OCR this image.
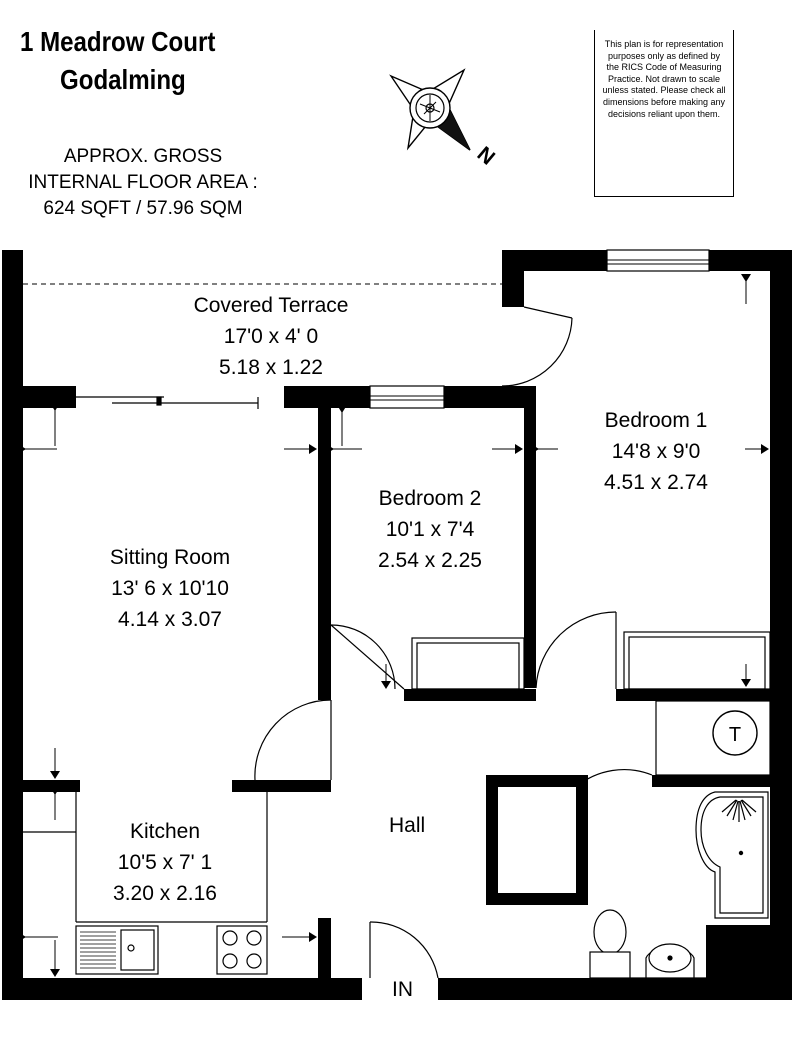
1 Meadrow Court
Godalming
APPROX. GROSS
INTERNAL FLOOR AREA :
624 SQFT / 57.96 SQM
This plan is for representation purposes only as defined by the RICS Code of Measuring Practice. Not drawn to scale unless stated. Please check all dimensions before making any decisions reliant upon them.
N
T
Covered Terrace
17'0 x 4' 0
5.18 x 1.22
Bedroom 1
14'8 x 9'0
4.51 x 2.74
Bedroom 2
10'1 x 7'4
2.54 x 2.25
Sitting Room
13' 6 x 10'10
4.14 x 3.07
Kitchen
10'5 x 7' 1
3.20 x 2.16
Hall
IN
